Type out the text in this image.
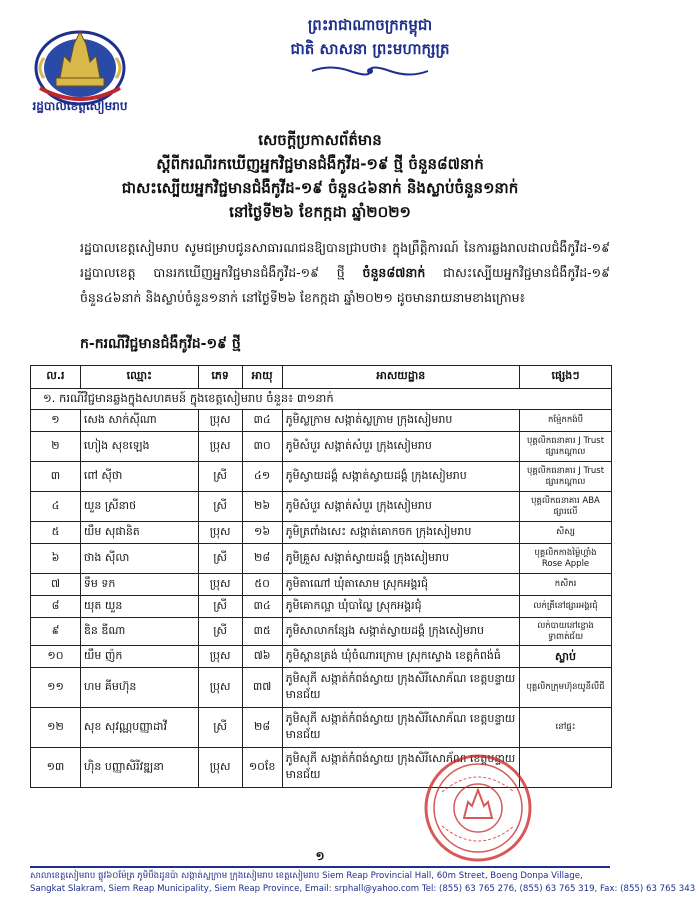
រដ្ឋបាលខេត្តសៀមរាប
ព្រះរាជាណាចក្រកម្ពុជា
ជាតិ សាសនា ព្រះមហាក្សត្រ
សេចក្ដីប្រកាសព័ត៌មាន
ស្ដីពីករណីរកឃើញអ្នកវិជ្ជមានជំងឺកូវីដ-១៩ ថ្មី ចំនួន៨៧នាក់
ជាសះស្បើយអ្នកវិជ្ជមានជំងឺកូវីដ-១៩ ចំនួន៤៦នាក់ និងស្លាប់ចំនួន១នាក់
នៅថ្ងៃទី២៦ ខែកក្កដា ឆ្នាំ២០២១
រដ្ឋបាលខេត្តសៀមរាប សូមជម្រាបជូនសាធារណជនឱ្យបានជ្រាបថា៖ ក្នុងព្រឹត្តិការណ៍ នៃការឆ្លងរាលដាលជំងឺកូវីដ-១៩ រដ្ឋបាលខេត្ត បានរកឃើញអ្នកវិជ្ជមានជំងឺកូវីដ-១៩ ថ្មី ចំនួន៨៧នាក់ ជាសះស្បើយអ្នកវិជ្ជមានជំងឺកូវីដ-១៩ ចំនួន៤៦នាក់ និងស្លាប់ចំនួន១នាក់ នៅថ្ងៃទី២៦ ខែកក្កដា ឆ្នាំ២០២១ ដូចមានរាយនាមខាងក្រោម៖
ក-ករណីវិជ្ជមានជំងឺកូវីដ-១៩ ថ្មី
ល.រ	ឈ្មោះ	ភេទ	អាយុ	អាសយដ្ឋាន	ផ្សេងៗ
១. ករណីវិជ្ជមានឆ្លងក្នុងសហគមន៍ ក្នុងខេត្តសៀមរាប ចំនួន៖ ៣១នាក់					
១	សេង សាក់ស៊ីណា	ប្រុស	៣៤	ភូមិស្លក្រាម សង្កាត់ស្លក្រាម ក្រុងសៀមរាប	កម្ម៉ែកកង់បី
២	ហៀង សុខឡេង	ប្រុស	៣០	ភូមិសំបួរ សង្កាត់សំបួរ ក្រុងសៀមរាប	បុគ្គលិកធនាគារ J Trust ផ្សារកណ្តាល
៣	ពៅ ស៊ីថា	ស្រី	៤១	ភូមិស្វាយដង្គំ សង្កាត់ស្វាយដង្គំ ក្រុងសៀមរាប	បុគ្គលិកធនាគារ J Trust ផ្សារកណ្តាល
៤	យួន ស្រីនាថ	ស្រី	២៦	ភូមិសំបួរ សង្កាត់សំបួរ ក្រុងសៀមរាប	បុគ្គលិកធនាគារ ABA ផ្សារលើ
៥	យឹម សុផានិត	ប្រុស	១៦	ភូមិត្រពាំងសេះ សង្កាត់គោកចក ក្រុងសៀមរាប	សិស្ស
៦	ថាង ស៊ីលា	ស្រី	២៨	ភូមិគ្រួស សង្កាត់ស្វាយដង្គំ ក្រុងសៀមរាប	បុគ្គលិកកាងម៉្លៃហ្គាំង Rose Apple
៧	ទឹម ទក	ប្រុស	៥០	ភូមិតាណៅ ឃុំតាសោម ស្រុកអង្គរជុំ	កសិករ
៨	យុត យួន	ស្រី	៣៤	ភូមិគោកល្អា ឃុំបាលៃ្ល ស្រុកអង្គរជុំ	លក់ត្រីនៅផ្សារអង្គរជុំ
៩	ឌិន ឌីណា	ស្រី	៣៥	ភូមិសាលាកន្សែង សង្កាត់ស្វាយដង្គំ ក្រុងសៀមរាប	លក់បាយនៅខ្លោងទ្វាពាត់ជ័យ
១០	យឹម ញ៉ក	ប្រុស	៧៦	ភូមិស្ពានត្រង់ ឃុំចំណារក្រោម ស្រុកស្ទោង ខេត្តកំពង់ធំ	ស្លាប់
១១	ហម គីមហ៊ុន	ប្រុស	៣៧	ភូមិសុភី សង្កាត់កំពង់ស្វាយ ក្រុងសិរីសោភ័ណ ខេត្តបន្ទាយមានជ័យ	បុគ្គលិកក្រុមហ៊ុនយូនីលីជី
១២	សុខ សុវណ្ណបញ្ញាដាវី	ស្រី	២៨	ភូមិសុភី សង្កាត់កំពង់ស្វាយ ក្រុងសិរីសោភ័ណ ខេត្តបន្ទាយមានជ័យ	នៅផ្ទះ
១៣	ហ៊ិន បញ្ញាសិរីវឌ្ឍនា	ប្រុស	១០ខែ	ភូមិសុភី សង្កាត់កំពង់ស្វាយ ក្រុងសិរីសោភ័ណ ខេត្តបន្ទាយមានជ័យ	
១
សាលាខេត្តសៀមរាប ផ្លូវ៦០ម៉ែត្រ ភូមិបឹងដូនប៉ា សង្កាត់ស្លក្រាម ក្រុងសៀមរាប ខេត្តសៀមរាប Siem Reap Provincial Hall, 60m Street, Boeng Donpa Village,
Sangkat Slakram, Siem Reap Municipality, Siem Reap Province, Email: srphall@yahoo.com Tel: (855) 63 765 276, (855) 63 765 319, Fax: (855) 63 765 343
